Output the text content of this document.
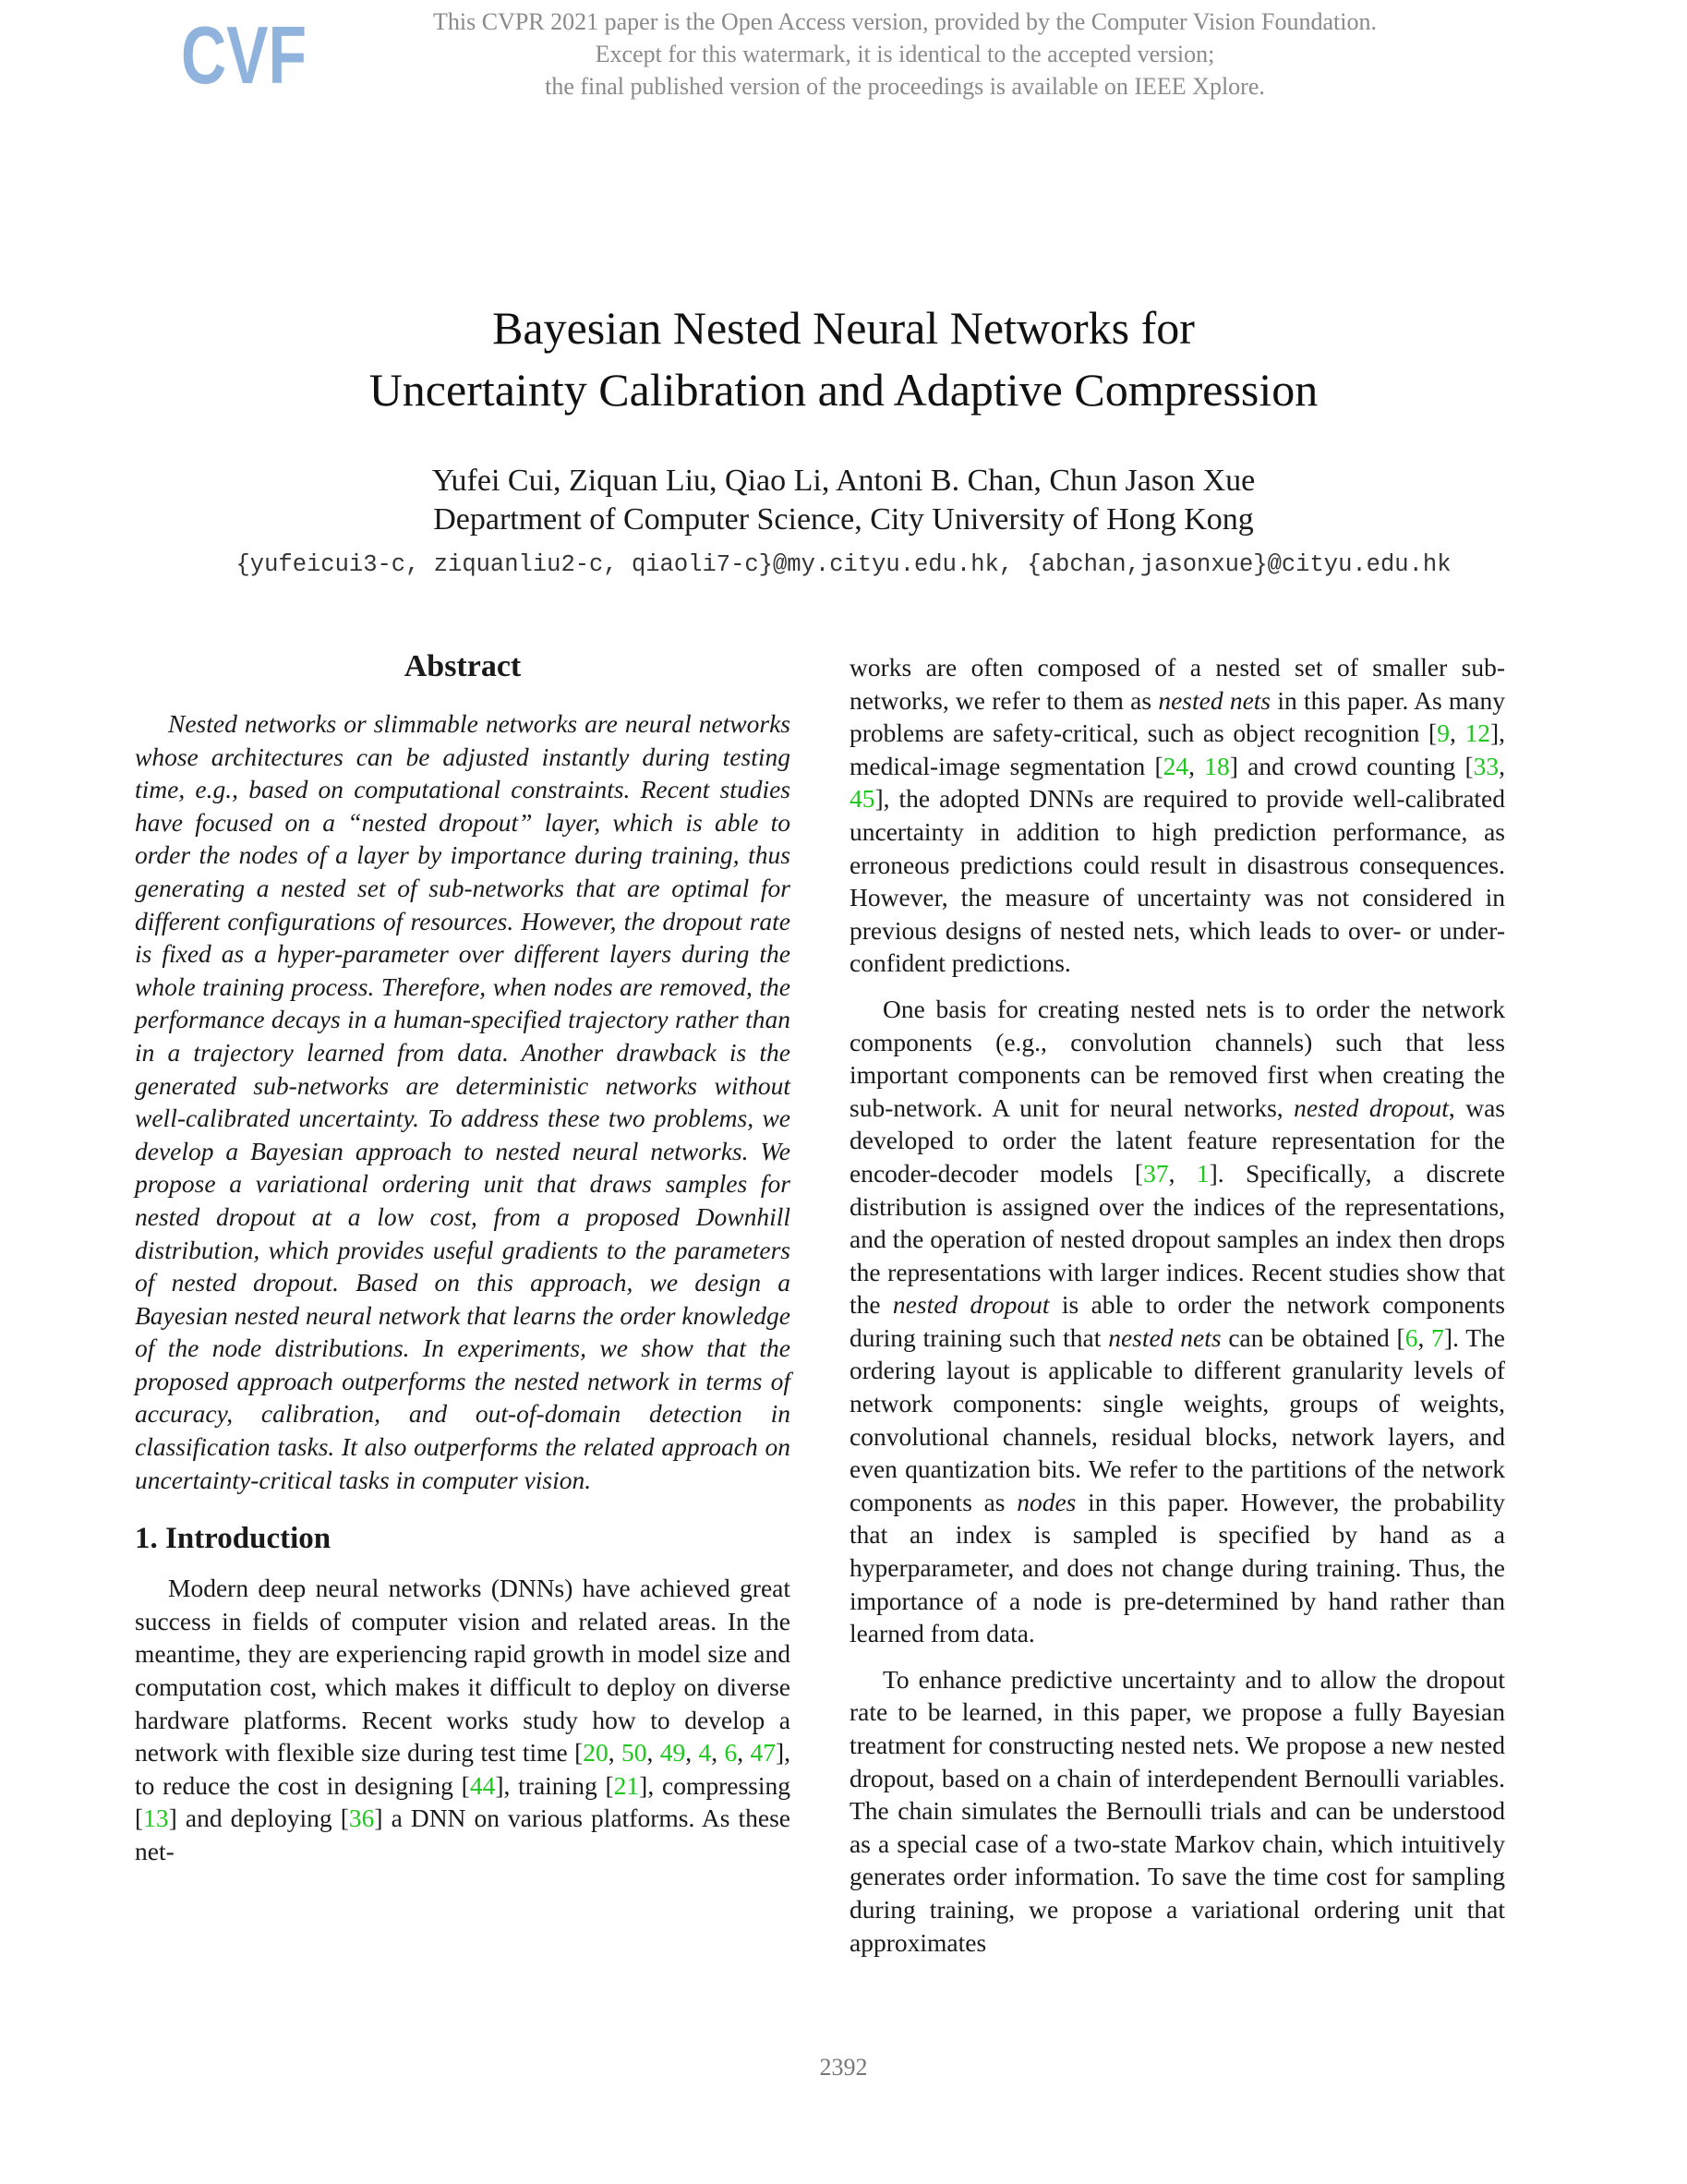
CVF	This CVPR 2021 paper is the Open Access version, provided by the Computer Vision Foundation.
Except for this watermark, it is identical to the accepted version;
the final published version of the proceedings is available on IEEE Xplore.
Bayesian Nested Neural Networks for
Uncertainty Calibration and Adaptive Compression
Yufei Cui, Ziquan Liu, Qiao Li, Antoni B. Chan, Chun Jason Xue
Department of Computer Science, City University of Hong Kong
{yufeicui3-c, ziquanliu2-c, qiaoli7-c}@my.cityu.edu.hk, {abchan,jasonxue}@cityu.edu.hk
Abstract

Nested networks or slimmable networks are neural networks whose architectures can be adjusted instantly during testing time, e.g., based on computational constraints. Recent studies have focused on a “nested dropout” layer, which is able to order the nodes of a layer by importance during training, thus generating a nested set of sub-networks that are optimal for different configurations of resources. However, the dropout rate is fixed as a hyper-parameter over different layers during the whole training process. Therefore, when nodes are removed, the performance decays in a human-specified trajectory rather than in a trajectory learned from data. Another drawback is the generated sub-networks are deterministic networks without well-calibrated uncertainty. To address these two problems, we develop a Bayesian approach to nested neural networks. We propose a variational ordering unit that draws samples for nested dropout at a low cost, from a proposed Downhill distribution, which provides useful gradients to the parameters of nested dropout. Based on this approach, we design a Bayesian nested neural network that learns the order knowledge of the node distributions. In experiments, we show that the proposed approach outperforms the nested network in terms of accuracy, calibration, and out-of-domain detection in classification tasks. It also outperforms the related approach on uncertainty-critical tasks in computer vision.

1. Introduction

Modern deep neural networks (DNNs) have achieved great success in fields of computer vision and related areas. In the meantime, they are experiencing rapid growth in model size and computation cost, which makes it difficult to deploy on diverse hardware platforms. Recent works study how to develop a network with flexible size during test time [20, 50, 49, 4, 6, 47], to reduce the cost in designing [44], training [21], compressing [13] and deploying [36] a DNN on various platforms. As these net-

works are often composed of a nested set of smaller sub-networks, we refer to them as nested nets in this paper. As many problems are safety-critical, such as object recognition [9, 12], medical-image segmentation [24, 18] and crowd counting [33, 45], the adopted DNNs are required to provide well-calibrated uncertainty in addition to high prediction performance, as erroneous predictions could result in disastrous consequences. However, the measure of uncertainty was not considered in previous designs of nested nets, which leads to over- or under-confident predictions.

One basis for creating nested nets is to order the network components (e.g., convolution channels) such that less important components can be removed first when creating the sub-network. A unit for neural networks, nested dropout, was developed to order the latent feature representation for the encoder-decoder models [37, 1]. Specifically, a discrete distribution is assigned over the indices of the representations, and the operation of nested dropout samples an index then drops the representations with larger indices. Recent studies show that the nested dropout is able to order the network components during training such that nested nets can be obtained [6, 7]. The ordering layout is applicable to different granularity levels of network components: single weights, groups of weights, convolutional channels, residual blocks, network layers, and even quantization bits. We refer to the partitions of the network components as nodes in this paper. However, the probability that an index is sampled is specified by hand as a hyperparameter, and does not change during training. Thus, the importance of a node is pre-determined by hand rather than learned from data.

To enhance predictive uncertainty and to allow the dropout rate to be learned, in this paper, we propose a fully Bayesian treatment for constructing nested nets. We propose a new nested dropout, based on a chain of interdependent Bernoulli variables. The chain simulates the Bernoulli trials and can be understood as a special case of a two-state Markov chain, which intuitively generates order information. To save the time cost for sampling during training, we propose a variational ordering unit that approximates

2392
